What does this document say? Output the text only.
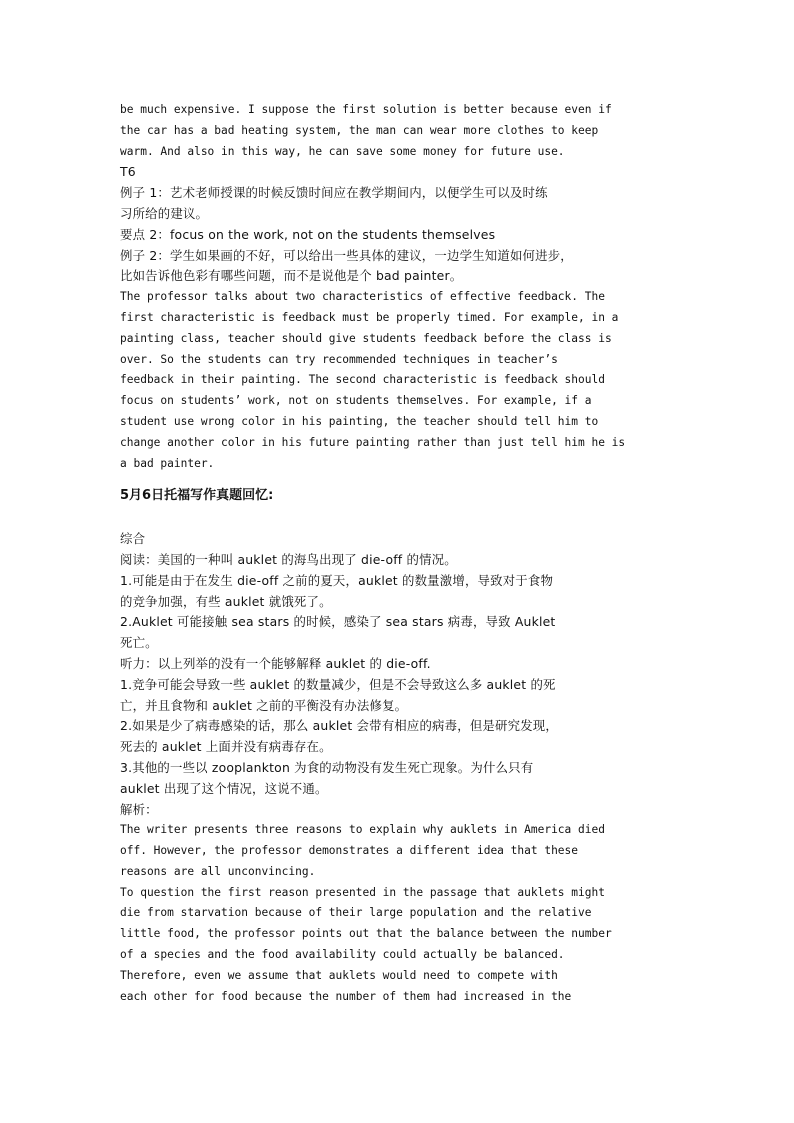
be much expensive. I suppose the first solution is better because even if

the car has a bad heating system, the man can wear more clothes to keep

warm. And also in this way, he can save some money for future use.

T6

例子 1：艺术老师授课的时候反馈时间应在教学期间内，以便学生可以及时练

习所给的建议。

要点 2：focus on the work, not on the students themselves

例子 2：学生如果画的不好，可以给出一些具体的建议，一边学生知道如何进步，

比如告诉他色彩有哪些问题，而不是说他是个 bad painter。

The professor talks about two characteristics of effective feedback. The

first characteristic is feedback must be properly timed. For example, in a

painting class, teacher should give students feedback before the class is

over. So the students can try recommended techniques in teacher’s

feedback in their painting. The second characteristic is feedback should

focus on students’ work, not on students themselves. For example, if a

student use wrong color in his painting, the teacher should tell him to

change another color in his future painting rather than just tell him he is

a bad painter.

5月6日托福写作真题回忆:

综合

阅读：美国的一种叫 auklet 的海鸟出现了 die-off 的情况。

1.可能是由于在发生 die-off 之前的夏天，auklet 的数量激增，导致对于食物

的竞争加强，有些 auklet 就饿死了。

2.Auklet 可能接触 sea stars 的时候，感染了 sea stars 病毒，导致 Auklet

死亡。

听力：以上列举的没有一个能够解释 auklet 的 die-off.

1.竞争可能会导致一些 auklet 的数量减少，但是不会导致这么多 auklet 的死

亡，并且食物和 auklet 之前的平衡没有办法修复。

2.如果是少了病毒感染的话，那么 auklet 会带有相应的病毒，但是研究发现，

死去的 auklet 上面并没有病毒存在。

3.其他的一些以 zooplankton 为食的动物没有发生死亡现象。为什么只有

auklet 出现了这个情况，这说不通。

解析：

The writer presents three reasons to explain why auklets in America died

off. However, the professor demonstrates a different idea that these

reasons are all unconvincing.

To question the first reason presented in the passage that auklets might

die from starvation because of their large population and the relative

little food, the professor points out that the balance between the number

of a species and the food availability could actually be balanced.

Therefore, even we assume that auklets would need to compete with

each other for food because the number of them had increased in the
